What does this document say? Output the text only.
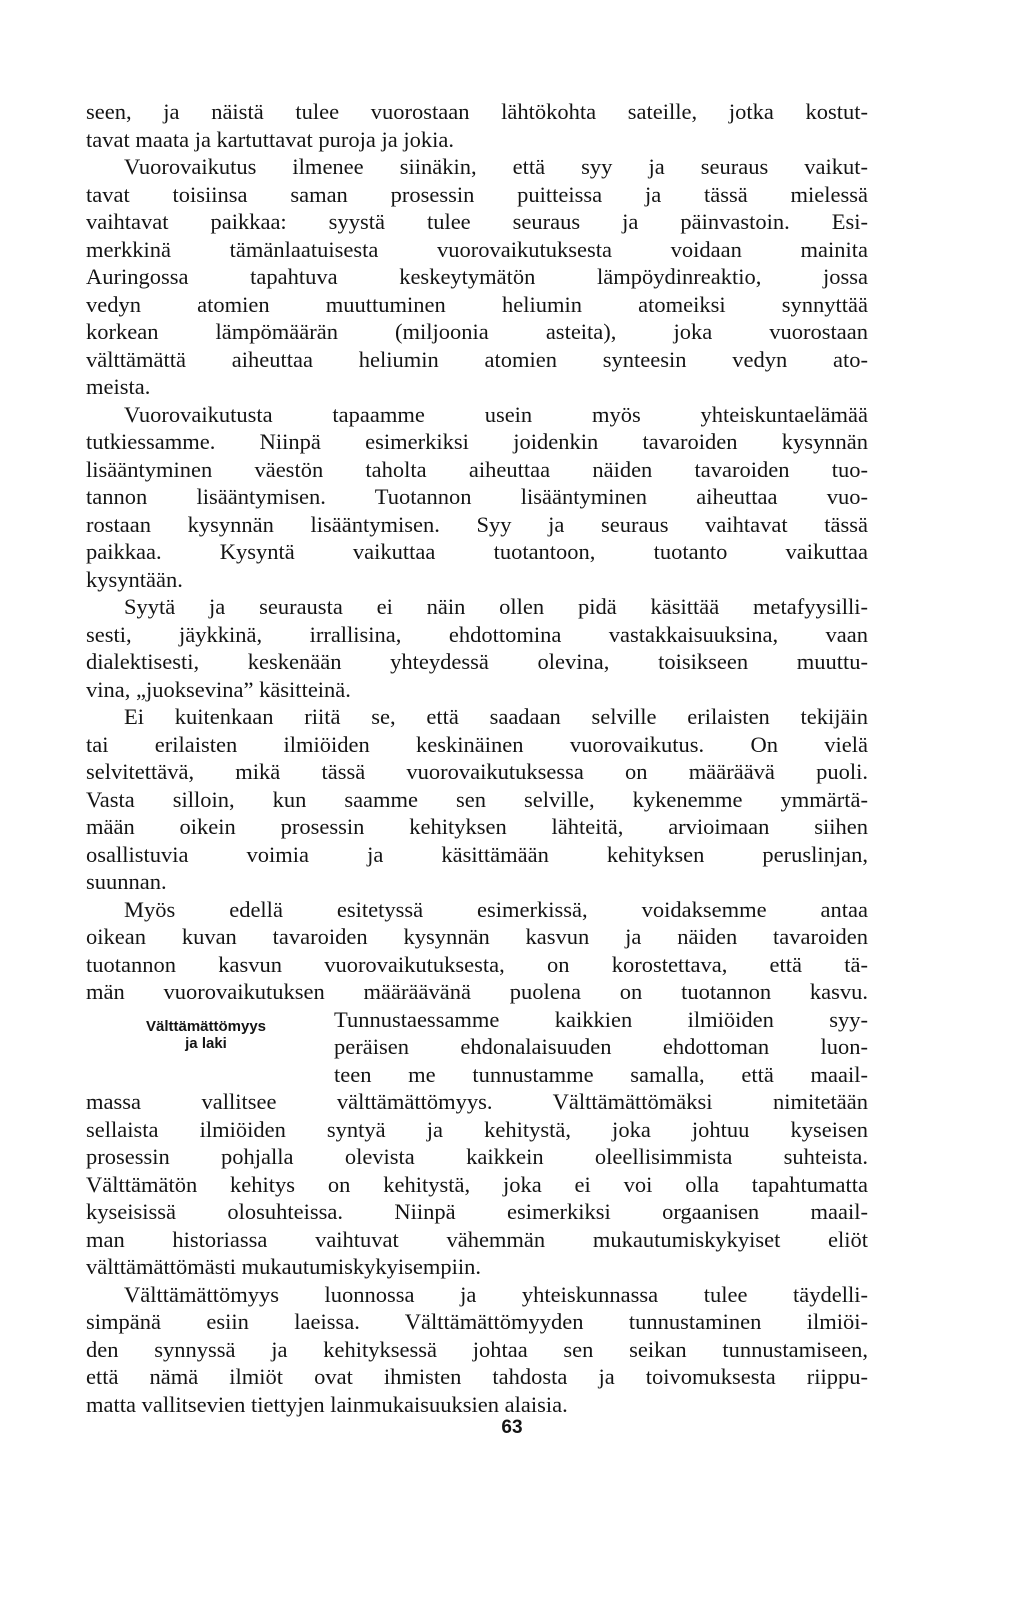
seen, ja näistä tulee vuorostaan lähtökohta sateille, jotka kostut-
tavat maata ja kartuttavat puroja ja jokia.
Vuorovaikutus ilmenee siinäkin, että syy ja seuraus vaikut-
tavat toisiinsa saman prosessin puitteissa ja tässä mielessä
vaihtavat paikkaa: syystä tulee seuraus ja päinvastoin. Esi-
merkkinä tämänlaatuisesta vuorovaikutuksesta voidaan mainita
Auringossa tapahtuva keskeytymätön lämpöydinreaktio, jossa
vedyn atomien muuttuminen heliumin atomeiksi synnyttää
korkean lämpömäärän (miljoonia asteita), joka vuorostaan
välttämättä aiheuttaa heliumin atomien synteesin vedyn ato-
meista.
Vuorovaikutusta tapaamme usein myös yhteiskuntaelämää
tutkiessamme. Niinpä esimerkiksi joidenkin tavaroiden kysynnän
lisääntyminen väestön taholta aiheuttaa näiden tavaroiden tuo-
tannon lisääntymisen. Tuotannon lisääntyminen aiheuttaa vuo-
rostaan kysynnän lisääntymisen. Syy ja seuraus vaihtavat tässä
paikkaa. Kysyntä vaikuttaa tuotantoon, tuotanto vaikuttaa
kysyntään.
Syytä ja seurausta ei näin ollen pidä käsittää metafyysilli-
sesti, jäykkinä, irrallisina, ehdottomina vastakkaisuuksina, vaan
dialektisesti, keskenään yhteydessä olevina, toisikseen muuttu-
vina, „juoksevina” käsitteinä.
Ei kuitenkaan riitä se, että saadaan selville erilaisten tekijäin
tai erilaisten ilmiöiden keskinäinen vuorovaikutus. On vielä
selvitettävä, mikä tässä vuorovaikutuksessa on määräävä puoli.
Vasta silloin, kun saamme sen selville, kykenemme ymmärtä-
mään oikein prosessin kehityksen lähteitä, arvioimaan siihen
osallistuvia voimia ja käsittämään kehityksen peruslinjan,
suunnan.
Myös edellä esitetyssä esimerkissä, voidaksemme antaa
oikean kuvan tavaroiden kysynnän kasvun ja näiden tavaroiden
tuotannon kasvun vuorovaikutuksesta, on korostettava, että tä-
män vuorovaikutuksen määräävänä puolena on tuotannon kasvu.
Tunnustaessamme kaikkien ilmiöiden syy-
peräisen ehdonalaisuuden ehdottoman luon-
teen me tunnustamme samalla, että maail-
massa vallitsee välttämättömyys. Välttämättömäksi nimitetään
sellaista ilmiöiden syntyä ja kehitystä, joka johtuu kyseisen
prosessin pohjalla olevista kaikkein oleellisimmista suhteista.
Välttämätön kehitys on kehitystä, joka ei voi olla tapahtumatta
kyseisissä olosuhteissa. Niinpä esimerkiksi orgaanisen maail-
man historiassa vaihtuvat vähemmän mukautumiskykyiset eliöt
välttämättömästi mukautumiskykyisempiin.
Välttämättömyys luonnossa ja yhteiskunnassa tulee täydelli-
simpänä esiin laeissa. Välttämättömyyden tunnustaminen ilmiöi-
den synnyssä ja kehityksessä johtaa sen seikan tunnustamiseen,
että nämä ilmiöt ovat ihmisten tahdosta ja toivomuksesta riippu-
matta vallitsevien tiettyjen lainmukaisuuksien alaisia.
Välttämättömyys
ja laki
63
